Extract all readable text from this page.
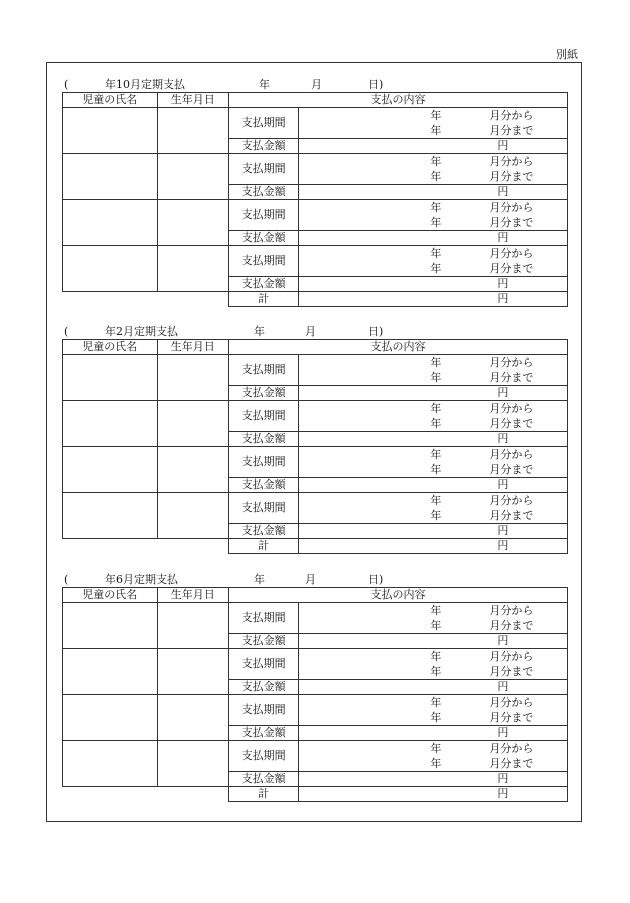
別紙
(	年10月定期支払	年	月	日)
児童の氏名	生年月日	支払の内容	
		支払期間	年 月分から
年 月分まで

		支払金額	円

		支払期間	年 月分から
年 月分まで

		支払金額	円

		支払期間	年 月分から
年 月分まで

		支払金額	円

		支払期間	年 月分から
年 月分まで

		支払金額	円

		計	円
(	年2月定期支払	年	月	日)
児童の氏名	生年月日	支払の内容	
		支払期間	年 月分から
年 月分まで

		支払金額	円

		支払期間	年 月分から
年 月分まで

		支払金額	円

		支払期間	年 月分から
年 月分まで

		支払金額	円

		支払期間	年 月分から
年 月分まで

		支払金額	円

		計	円
(	年6月定期支払	年	月	日)
児童の氏名	生年月日	支払の内容	
		支払期間	年 月分から
年 月分まで

		支払金額	円

		支払期間	年 月分から
年 月分まで

		支払金額	円

		支払期間	年 月分から
年 月分まで

		支払金額	円

		支払期間	年 月分から
年 月分まで

		支払金額	円

		計	円
